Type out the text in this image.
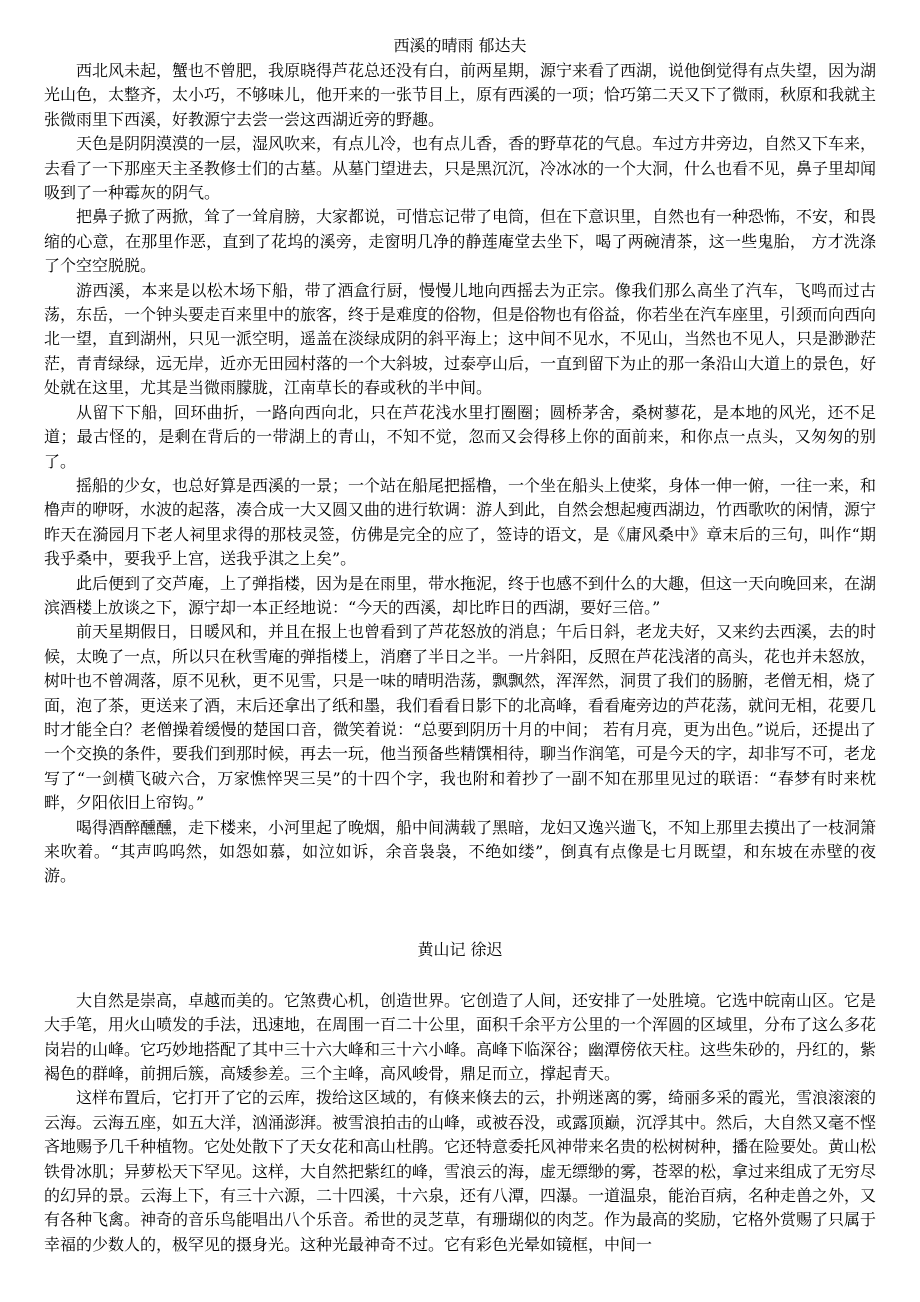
西溪的晴雨 郁达夫

西北风未起，蟹也不曾肥，我原晓得芦花总还没有白，前两星期，源宁来看了西湖，说他倒觉得有点失望，因为湖光山色，太整齐，太小巧，不够味儿，他开来的一张节目上，原有西溪的一项；恰巧第二天又下了微雨，秋原和我就主张微雨里下西溪，好教源宁去尝一尝这西湖近旁的野趣。

天色是阴阴漠漠的一层，湿风吹来，有点儿冷，也有点儿香，香的野草花的气息。车过方井旁边，自然又下车来，去看了一下那座天主圣教修士们的古墓。从墓门望进去，只是黑沉沉，冷冰冰的一个大洞，什么也看不见，鼻子里却闻吸到了一种霉灰的阴气。

把鼻子掀了两掀，耸了一耸肩膀，大家都说，可惜忘记带了电筒，但在下意识里，自然也有一种恐怖，不安，和畏缩的心意，在那里作恶，直到了花坞的溪旁，走窗明几净的静莲庵堂去坐下，喝了两碗清茶，这一些鬼胎， 方才洗涤了个空空脱脱。

游西溪，本来是以松木场下船，带了酒盒行厨，慢慢儿地向西摇去为正宗。像我们那么高坐了汽车，飞鸣而过古荡，东岳，一个钟头要走百来里中的旅客，终于是难度的俗物，但是俗物也有俗益，你若坐在汽车座里，引颈而向西向北一望，直到湖州，只见一派空明，遥盖在淡绿成阴的斜平海上；这中间不见水，不见山，当然也不见人，只是渺渺茫茫，青青绿绿，远无岸，近亦无田园村落的一个大斜坡，过泰亭山后，一直到留下为止的那一条沿山大道上的景色，好处就在这里，尤其是当微雨朦胧，江南草长的春或秋的半中间。

从留下下船，回环曲折，一路向西向北，只在芦花浅水里打圈圈；圆桥茅舍，桑树蓼花，是本地的风光，还不足道；最古怪的，是剩在背后的一带湖上的青山，不知不觉，忽而又会得移上你的面前来，和你点一点头，又匆匆的别了。

摇船的少女，也总好算是西溪的一景；一个站在船尾把摇橹，一个坐在船头上使桨，身体一伸一俯，一往一来，和橹声的咿呀，水波的起落，凑合成一大又圆又曲的进行软调：游人到此，自然会想起瘦西湖边，竹西歌吹的闲情，源宁昨天在漪园月下老人祠里求得的那枝灵签，仿佛是完全的应了，签诗的语文，是《庸风桑中》章末后的三句，叫作“期我乎桑中，要我乎上宫，送我乎淇之上矣”。

此后便到了交芦庵，上了弹指楼，因为是在雨里，带水拖泥，终于也感不到什么的大趣，但这一天向晚回来，在湖滨酒楼上放谈之下，源宁却一本正经地说：“今天的西溪，却比昨日的西湖，要好三倍。”

前天星期假日，日暖风和，并且在报上也曾看到了芦花怒放的消息；午后日斜，老龙夫好，又来约去西溪，去的时候，太晚了一点，所以只在秋雪庵的弹指楼上，消磨了半日之半。一片斜阳，反照在芦花浅渚的高头，花也并未怒放，树叶也不曾凋落，原不见秋，更不见雪，只是一味的晴明浩荡，飘飘然，浑浑然，洞贯了我们的肠腑，老僧无相，烧了面，泡了茶，更送来了酒，末后还拿出了纸和墨，我们看看日影下的北高峰，看看庵旁边的芦花荡，就问无相，花要几时才能全白？老僧操着缓慢的楚国口音，微笑着说：“总要到阴历十月的中间； 若有月亮，更为出色。”说后，还提出了一个交换的条件，要我们到那时候，再去一玩，他当预备些精馔相待，聊当作润笔，可是今天的字，却非写不可，老龙写了“一剑横飞破六合，万家憔悴哭三吴”的十四个字，我也附和着抄了一副不知在那里见过的联语：“春梦有时来枕畔，夕阳依旧上帘钩。”

喝得酒醉醺醺，走下楼来，小河里起了晚烟，船中间满载了黑暗，龙妇又逸兴遄飞，不知上那里去摸出了一枝洞箫来吹着。“其声呜呜然，如怨如慕，如泣如诉，余音袅袅，不绝如缕”，倒真有点像是七月既望，和东坡在赤壁的夜游。

黄山记 徐迟

大自然是崇高，卓越而美的。它煞费心机，创造世界。它创造了人间，还安排了一处胜境。它选中皖南山区。它是大手笔，用火山喷发的手法，迅速地，在周围一百二十公里，面积千余平方公里的一个浑圆的区域里，分布了这么多花岗岩的山峰。它巧妙地搭配了其中三十六大峰和三十六小峰。高峰下临深谷；幽潭傍依天柱。这些朱砂的，丹红的，紫褐色的群峰，前拥后簇，高矮参差。三个主峰，高风峻骨，鼎足而立，撑起青天。

这样布置后，它打开了它的云库，拨给这区域的，有倏来倏去的云，扑朔迷离的雾，绮丽多采的霞光，雪浪滚滚的云海。云海五座，如五大洋，汹涌澎湃。被雪浪拍击的山峰，或被吞没，或露顶巅，沉浮其中。然后，大自然又毫不悭吝地赐予几千种植物。它处处散下了天女花和高山杜鹃。它还特意委托风神带来名贵的松树树种，播在险要处。黄山松铁骨冰肌；异萝松天下罕见。这样，大自然把紫红的峰，雪浪云的海，虚无缥缈的雾，苍翠的松，拿过来组成了无穷尽的幻异的景。云海上下，有三十六源，二十四溪，十六泉，还有八潭，四瀑。一道温泉，能治百病，名种走兽之外，又有各种飞禽。神奇的音乐鸟能唱出八个乐音。希世的灵芝草，有珊瑚似的肉芝。作为最高的奖励，它格外赏赐了只属于幸福的少数人的，极罕见的摄身光。这种光最神奇不过。它有彩色光晕如镜框，中间一
